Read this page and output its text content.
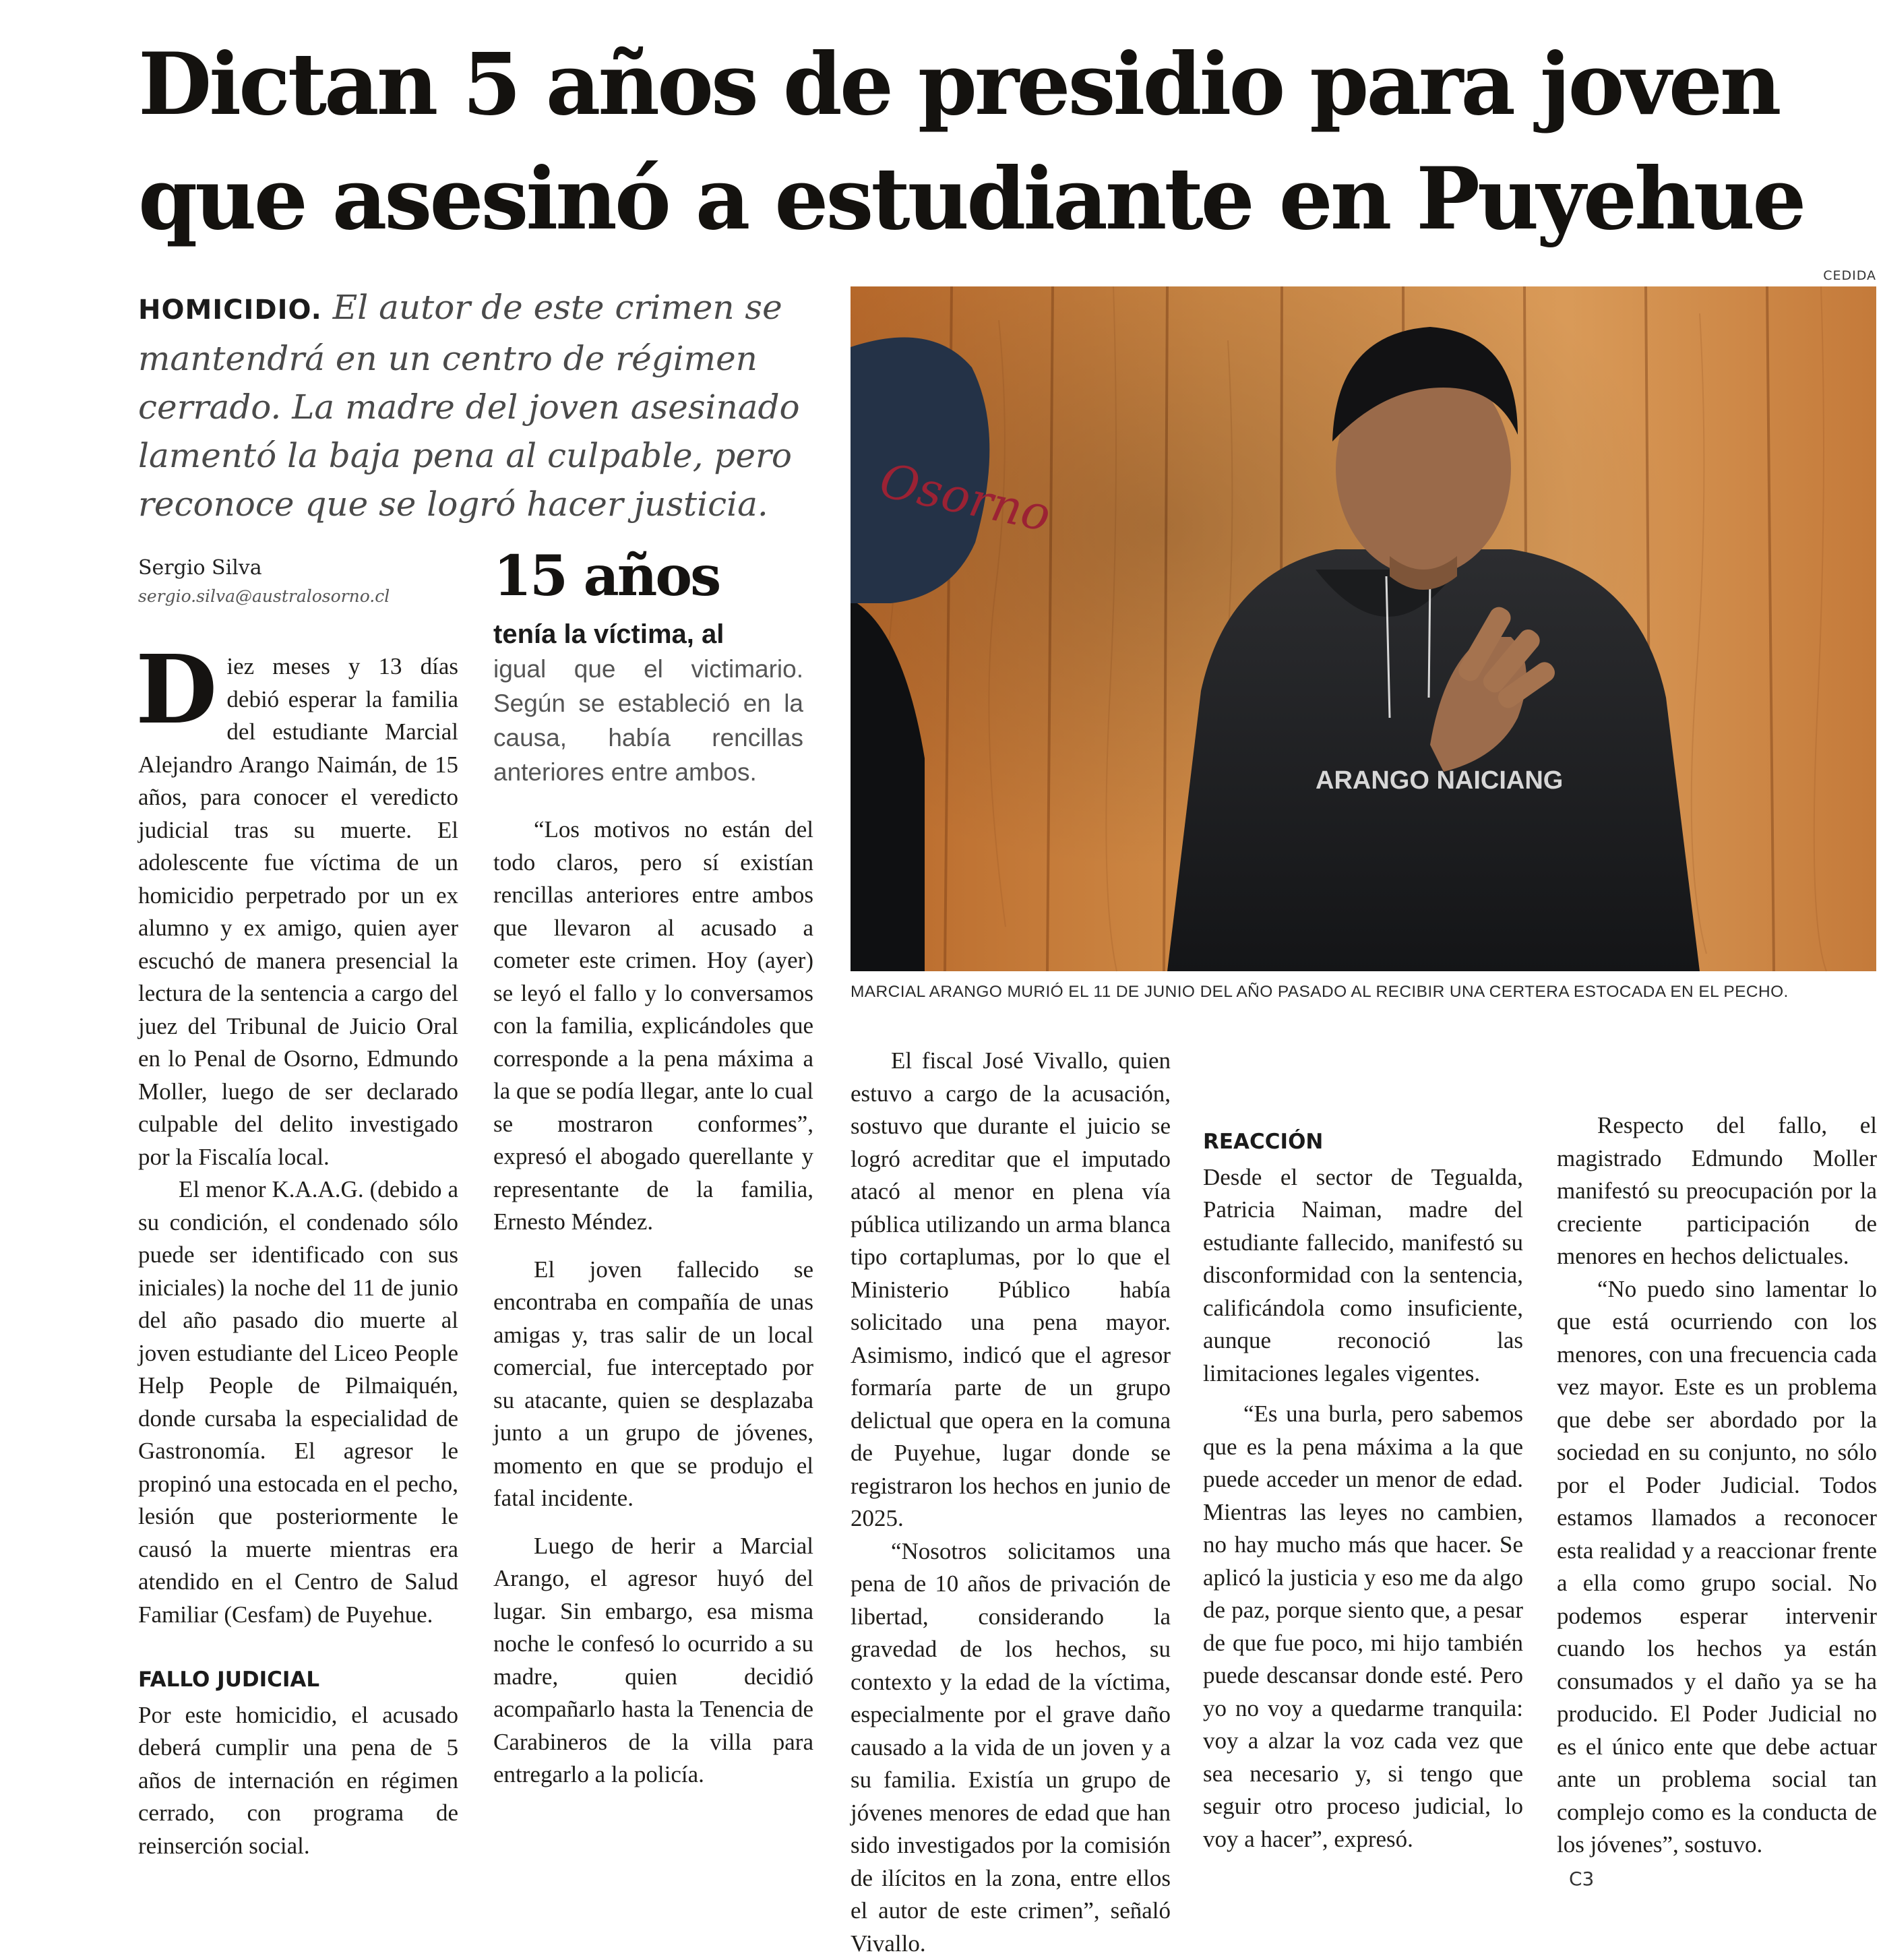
Dictan 5 años de presidio para joven
que asesinó a estudiante en Puyehue
CEDIDA
HOMICIDIO. El autor de este crimen se mantendrá en un centro de régimen cerrado. La madre del joven asesinado lamentó la baja pena al culpable, pero reconoce que se logró hacer justicia.
Sergio Silva
sergio.silva@australosorno.cl	15 años
tenía la víctima, al
igual que el victimario. Según se estableció en la causa, había rencillas anteriores entre ambos.

Diez meses y 13 días debió esperar la familia del estudiante Marcial Alejandro Arango Naimán, de 15 años, para conocer el veredicto judicial tras su muerte. El adolescente fue víctima de un homicidio perpetrado por un ex alumno y ex amigo, quien ayer escuchó de manera presencial la lectura de la sentencia a cargo del juez del Tribunal de Juicio Oral en lo Penal de Osorno, Edmundo Moller, luego de ser declarado culpable del delito investigado por la Fiscalía local.

El menor K.A.A.G. (debido a su condición, el condenado sólo puede ser identificado con sus iniciales) la noche del 11 de junio del año pasado dio muerte al joven estudiante del Liceo People Help People de Pilmaiquén, donde cursaba la especialidad de Gastronomía. El agresor le propinó una estocada en el pecho, lesión que posteriormente le causó la muerte mientras era atendido en el Centro de Salud Familiar (Cesfam) de Puyehue.

FALLO JUDICIAL

Por este homicidio, el acusado deberá cumplir una pena de 5 años de internación en régimen cerrado, con programa de reinserción social.

“Los motivos no están del todo claros, pero sí existían rencillas anteriores entre ambos que llevaron al acusado a cometer este crimen. Hoy (ayer) se leyó el fallo y lo conversamos con la familia, explicándoles que corresponde a la pena máxima a la que se podía llegar, ante lo cual se mostraron conformes”, expresó el abogado querellante y representante de la familia, Ernesto Méndez.

El joven fallecido se encontraba en compañía de unas amigas y, tras salir de un local comercial, fue interceptado por su atacante, quien se desplazaba junto a un grupo de jóvenes, momento en que se produjo el fatal incidente.

Luego de herir a Marcial Arango, el agresor huyó del lugar. Sin embargo, esa misma noche le confesó lo ocurrido a su madre, quien decidió acompañarlo hasta la Tenencia de Carabineros de la villa para entregarlo a la policía.

El fiscal José Vivallo, quien estuvo a cargo de la acusación, sostuvo que durante el juicio se logró acreditar que el imputado atacó al menor en plena vía pública utilizando un arma blanca tipo cortaplumas, por lo que el Ministerio Público había solicitado una pena mayor. Asimismo, indicó que el agresor formaría parte de un grupo delictual que opera en la comuna de Puyehue, lugar donde se registraron los hechos en junio de 2025.

“Nosotros solicitamos una pena de 10 años de privación de libertad, considerando la gravedad de los hechos, su contexto y la edad de la víctima, especialmente por el grave daño causado a la vida de un joven y a su familia. Existía un grupo de jóvenes menores de edad que han sido investigados por la comisión de ilícitos en la zona, entre ellos el autor de este crimen”, señaló Vivallo.

REACCIÓN

Desde el sector de Tegualda, Patricia Naiman, madre del estudiante fallecido, manifestó su disconformidad con la sentencia, calificándola como insuficiente, aunque reconoció las limitaciones legales vigentes.

“Es una burla, pero sabemos que es la pena máxima a la que puede acceder un menor de edad. Mientras las leyes no cambien, no hay mucho más que hacer. Se aplicó la justicia y eso me da algo de paz, porque siento que, a pesar de que fue poco, mi hijo también puede descansar donde esté. Pero yo no voy a quedarme tranquila: voy a alzar la voz cada vez que sea necesario y, si tengo que seguir otro proceso judicial, lo voy a hacer”, expresó.

Respecto del fallo, el magistrado Edmundo Moller manifestó su preocupación por la creciente participación de menores en hechos delictuales.

“No puedo sino lamentar lo que está ocurriendo con los menores, con una frecuencia cada vez mayor. Este es un problema que debe ser abordado por la sociedad en su conjunto, no sólo por el Poder Judicial. Todos estamos llamados a reconocer esta realidad y a reaccionar frente a ella como grupo social. No podemos esperar intervenir cuando los hechos ya están consumados y el daño ya se ha producido. El Poder Judicial no es el único ente que debe actuar ante un problema social tan complejo como es la conducta de los jóvenes”, sostuvo.

C3
Osorno
ARANGO NAICIANG
MARCIAL ARANGO MURIÓ EL 11 DE JUNIO DEL AÑO PASADO AL RECIBIR UNA CERTERA ESTOCADA EN EL PECHO.
